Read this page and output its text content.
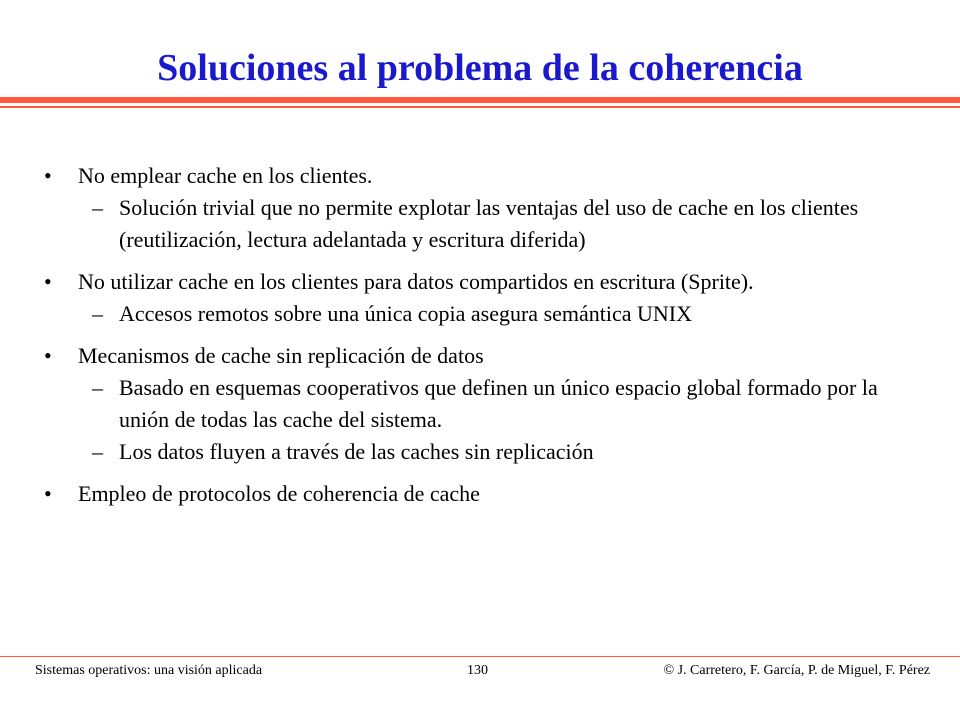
Soluciones al problema de la coherencia
• No emplear cache en los clientes.
– Solución trivial que no permite explotar las ventajas del uso de cache en los clientes (reutilización, lectura adelantada y escritura diferida)
• No utilizar cache en los clientes para datos compartidos en escritura (Sprite).
– Accesos remotos sobre una única copia asegura semántica UNIX
• Mecanismos de cache sin replicación de datos
– Basado en esquemas cooperativos que definen un único espacio global formado por la unión de todas las cache del sistema.
– Los datos fluyen a través de las caches sin replicación
• Empleo de protocolos de coherencia de cache
Sistemas operativos: una visión aplicada	130	© J. Carretero, F. García, P. de Miguel, F. Pérez
